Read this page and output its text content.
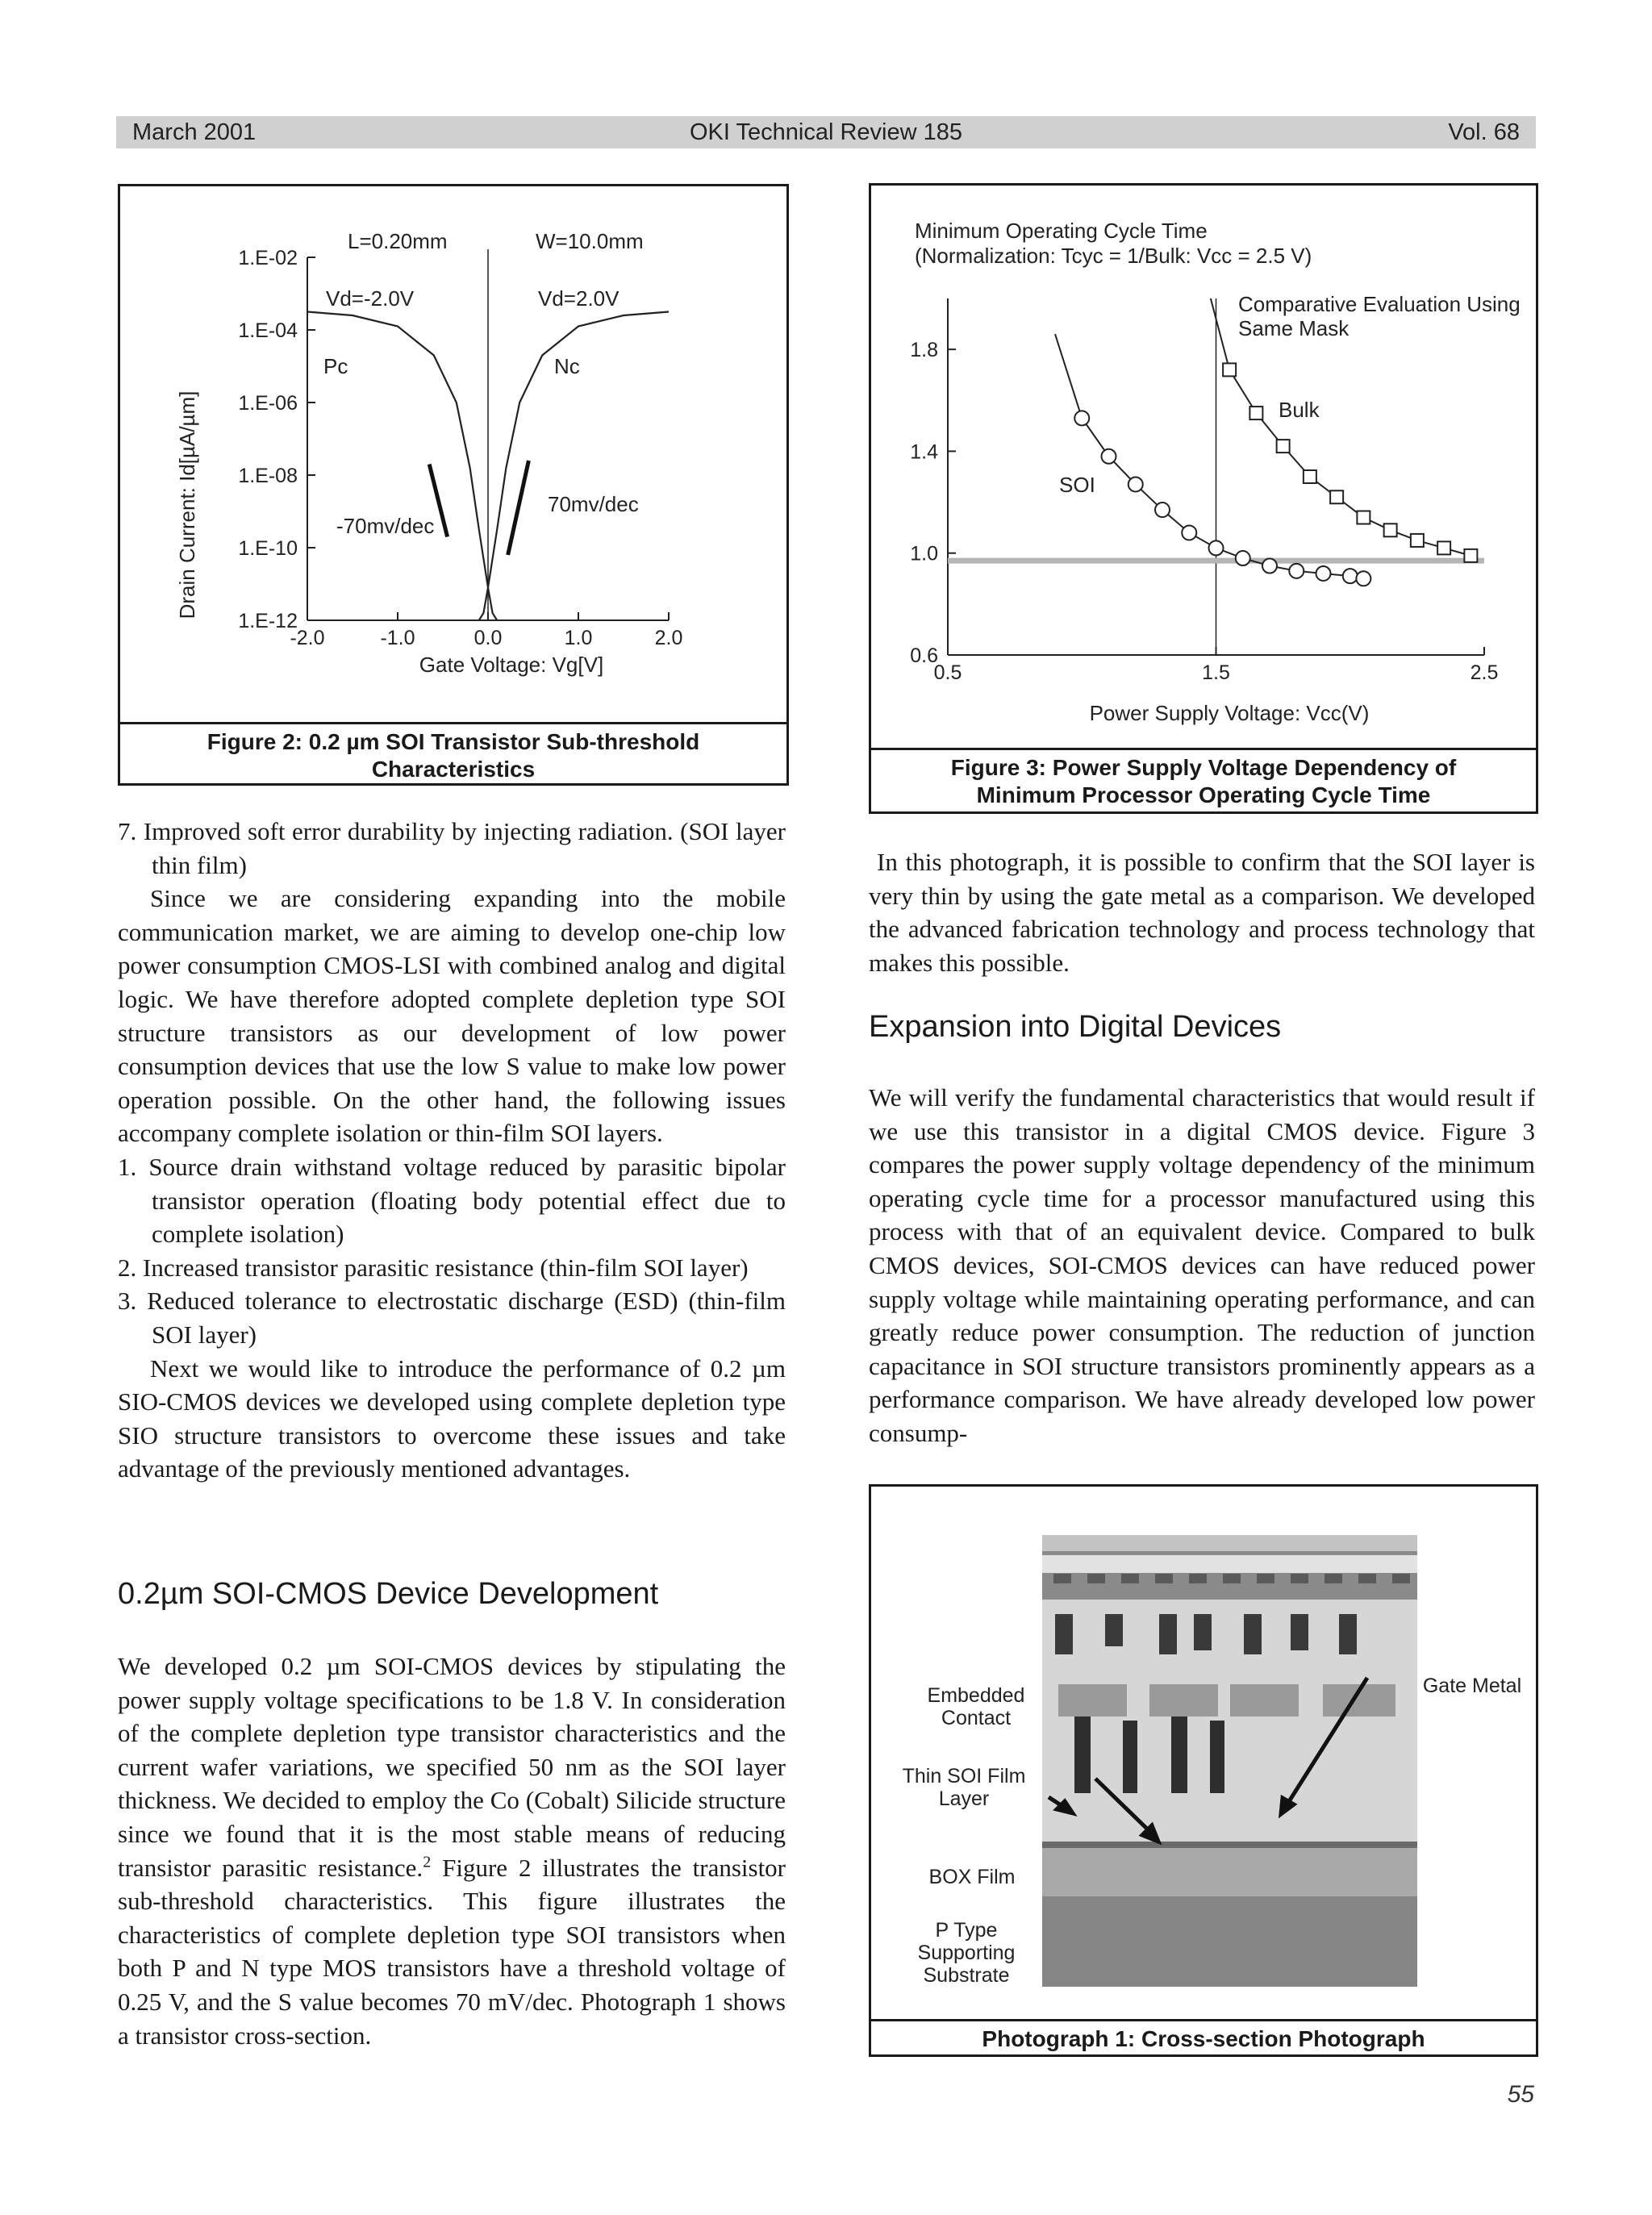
March 2001	OKI Technical Review 185	Vol. 68
1.E-02
1.E-04
1.E-06
1.E-08
1.E-10
1.E-12
-2.0	-1.0	0.0	1.0	2.0
Drain Current: Id[µA/µm]
Gate Voltage: Vg[V]
L=0.20mm	W=10.0mm
Vd=-2.0V	Vd=2.0V
Pc	Nc
-70mv/dec
70mv/dec
Figure 2: 0.2 µm SOI Transistor Sub-threshold
Characteristics
Minimum Operating Cycle Time
(Normalization: Tcyc = 1/Bulk: Vcc = 2.5 V)
0.6
1.0
1.4
1.8
0.5	1.5	2.5
Power Supply Voltage: Vcc(V)
Comparative Evaluation Using
Same Mask
Bulk
SOI
Figure 3: Power Supply Voltage Dependency of
Minimum Processor Operating Cycle Time
Embedded
Contact
Thin SOI Film
Layer
BOX Film
P Type
Supporting
Substrate
Gate Metal
Photograph 1: Cross-section Photograph

7. Improved soft error durability by injecting radiation. (SOI layer thin film)

Since we are considering expanding into the mobile communication market, we are aiming to develop one-chip low power consumption CMOS-LSI with combined analog and digital logic. We have therefore adopted complete depletion type SOI structure transistors as our development of low power consumption devices that use the low S value to make low power operation possible. On the other hand, the following issues accompany complete isolation or thin-film SOI layers.

1. Source drain withstand voltage reduced by parasitic bipolar transistor operation (floating body potential effect due to complete isolation)

2. Increased transistor parasitic resistance (thin-film SOI layer)

3. Reduced tolerance to electrostatic discharge (ESD) (thin-film SOI layer)

Next we would like to introduce the performance of 0.2 µm SIO-CMOS devices we developed using complete depletion type SIO structure transistors to overcome these issues and take advantage of the previously mentioned advantages.

0.2µm SOI-CMOS Device Development

We developed 0.2 µm SOI-CMOS devices by stipulating the power supply voltage specifications to be 1.8 V. In consideration of the complete depletion type transistor characteristics and the current wafer variations, we specified 50 nm as the SOI layer thickness. We decided to employ the Co (Cobalt) Silicide structure since we found that it is the most stable means of reducing transistor parasitic resistance.$^2$ Figure 2 illustrates the transistor sub-threshold characteristics. This figure illustrates the characteristics of complete depletion type SOI transistors when both P and N type MOS transistors have a threshold voltage of 0.25 V, and the S value becomes 70 mV/dec. Photograph 1 shows a transistor cross-section.

In this photograph, it is possible to confirm that the SOI layer is very thin by using the gate metal as a comparison. We developed the advanced fabrication technology and process technology that makes this possible.

Expansion into Digital Devices

We will verify the fundamental characteristics that would result if we use this transistor in a digital CMOS device. Figure 3 compares the power supply voltage dependency of the minimum operating cycle time for a processor manufactured using this process with that of an equivalent device. Compared to bulk CMOS devices, SOI-CMOS devices can have reduced power supply voltage while maintaining operating performance, and can greatly reduce power consumption. The reduction of junction capacitance in SOI structure transistors prominently appears as a performance comparison. We have already developed low power consump-

55
